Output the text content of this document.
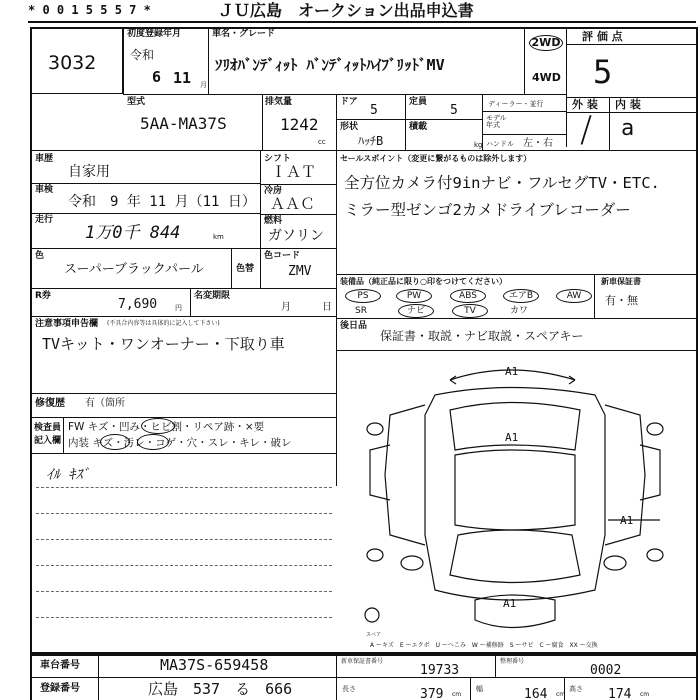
* 0 0 1 5 5 5 7 *	ＪＵ広島　オークション出品申込書
3032
初度登録年月
令和
6 11 月
車名・グレード
ｿﾘｵﾊﾞﾝﾃﾞｨｯﾄ ﾊﾞﾝﾃﾞｨｯﾄﾊｲﾌﾞﾘｯﾄﾞMV
2WD
4WD
評 価 点
5
型式
5AA-MA37S
排気量
1242
cc
ドア
5
定員
5
形状
ﾊｯﾁB
積載
kg
ディーラー・並行
モデル年式
ハンドル 左・右
外 装 内 装
/ a
車歴
自家用
車検
令和　9 年 11 月（11 日）
走行
1万0千 844	km
シフト
ＩＡＴ
冷房
ＡＡＣ
燃料
ガソリン
セールスポイント（変更に繋がるものは除外します）
全方位カメラ付9inナビ・フルセグTV・ETC.
ミラー型ゼンゴ2カメドライブレコーダー
色
スーパーブラックパール	色替
色コード
ZMV
装備品（純正品に限り○印をつけてください）	新車保証書
有・無
PS	PW	ABS	エアB	AW
SR	ナビ	TV	カワ
R券
7,690	円
名変期限
月	日
注意事項申告欄 (不具合内容等は具体的に記入して下さい)
TVキット・ワンオーナー・下取り車
後日品
保証書・取説・ナビ取説・スペアキー
修復歴 有（箇所
検査員
記入欄
FW キズ・凹み・ヒビ割・リペア跡・×要
内装 キズ・汚レ・コゲ・穴・スレ・キレ・破レ
ｲﾙ ｷｽﾞ
A1
A1
A1
A1
スペア
A ーキズ　E ーエクボ　U ーへこみ　W ー補修跡　S ーサビ　C ー腐食　XX ー交換
車台番号	MA37S-659458
登録番号	広島　537　る　666
新車保証書番号
19733
整理番号
0002
長さ	379 cm
幅	164 cm
高さ 174 cm
